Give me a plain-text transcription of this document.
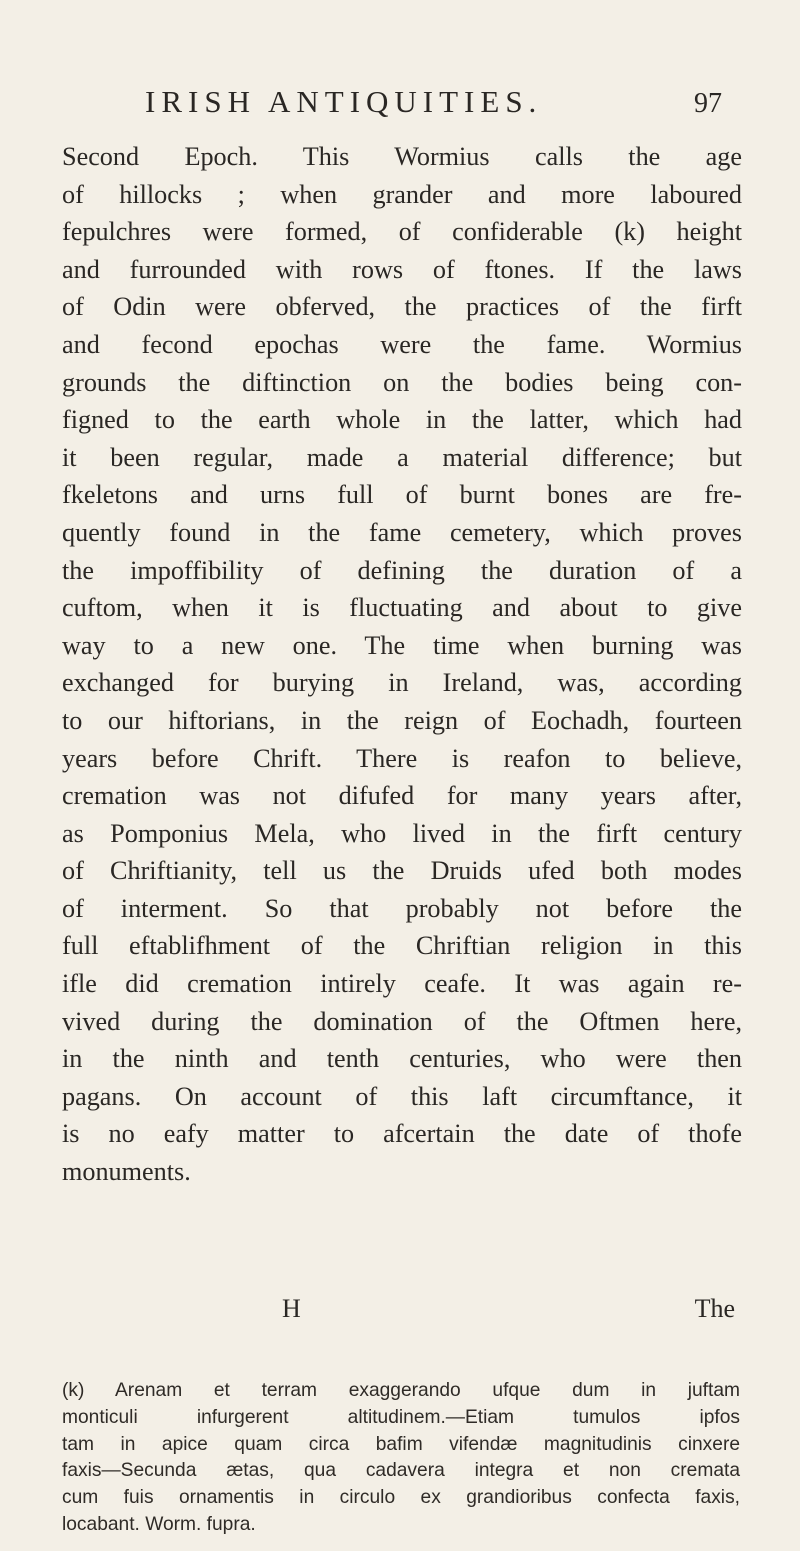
IRISH ANTIQUITIES.	97
Second Epoch. This Wormius calls the age
of hillocks ; when grander and more laboured
fepulchres were formed, of confiderable (k) height
and furrounded with rows of ftones. If the laws
of Odin were obferved, the practices of the firft
and fecond epochas were the fame. Wormius
grounds the diftinction on the bodies being con-
figned to the earth whole in the latter, which had
it been regular, made a material difference; but
fkeletons and urns full of burnt bones are fre-
quently found in the fame cemetery, which proves
the impoffibility of defining the duration of a
cuftom, when it is fluctuating and about to give
way to a new one. The time when burning was
exchanged for burying in Ireland, was, according
to our hiftorians, in the reign of Eochadh, fourteen
years before Chrift. There is reafon to believe,
cremation was not difufed for many years after,
as Pomponius Mela, who lived in the firft century
of Chriftianity, tell us the Druids ufed both modes
of interment. So that probably not before the
full eftablifhment of the Chriftian religion in this
ifle did cremation intirely ceafe. It was again re-
vived during the domination of the Oftmen here,
in the ninth and tenth centuries, who were then
pagans. On account of this laft circumftance, it
is no eafy matter to afcertain the date of thofe
monuments.
H	The
(k) Arenam et terram exaggerando ufque dum in juftam
monticuli infurgerent altitudinem.—Etiam tumulos ipfos
tam in apice quam circa bafim vifendæ magnitudinis cinxere
faxis—Secunda ætas, qua cadavera integra et non cremata
cum fuis ornamentis in circulo ex grandioribus confecta faxis,
locabant. Worm. fupra.
